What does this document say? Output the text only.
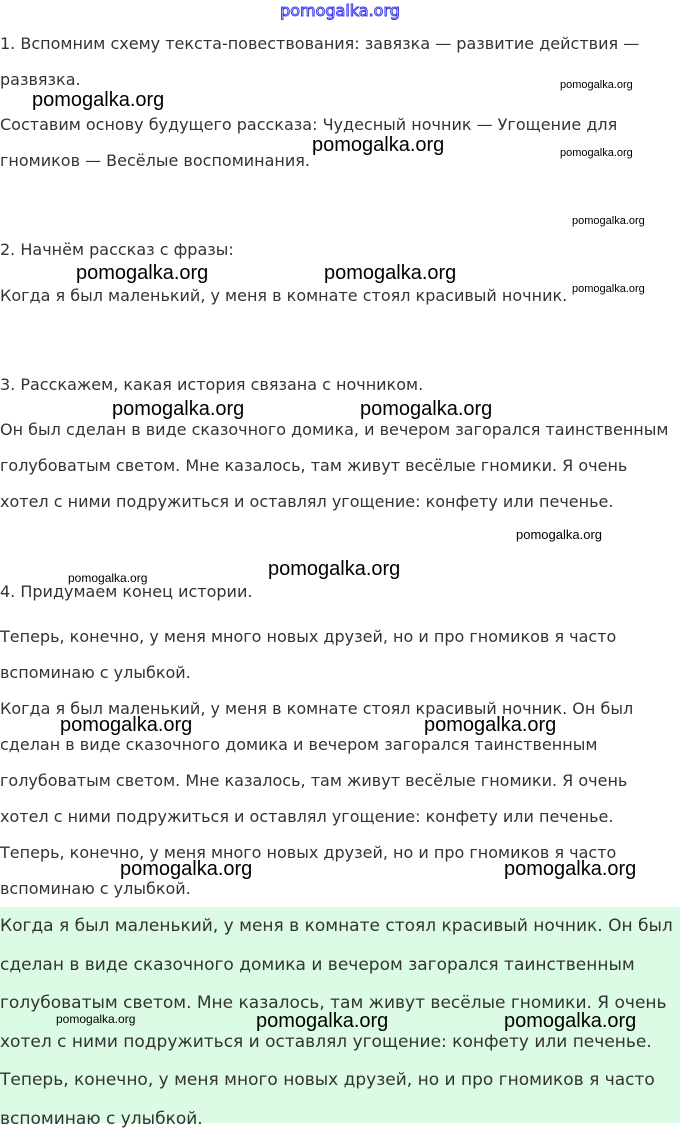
pomogalka.org

1. Вспомним схему текста-повествования: завязка — развитие действия — развязка.

Составим основу будущего рассказа: Чудесный ночник — Угощение для гномиков — Весёлые воспоминания.

2. Начнём рассказ с фразы:

Когда я был маленький, у меня в комнате стоял красивый ночник.

3. Расскажем, какая история связана с ночником.

Он был сделан в виде сказочного домика, и вечером загорался таинственным голубоватым светом. Мне казалось, там живут весёлые гномики. Я очень хотел с ними подружиться и оставлял угощение: конфету или печенье.

4. Придумаем конец истории.

Теперь, конечно, у меня много новых друзей, но и про гномиков я часто вспоминаю с улыбкой.

Когда я был маленький, у меня в комнате стоял красивый ночник. Он был сделан в виде сказочного домика и вечером загорался таинственным голубоватым светом. Мне казалось, там живут весёлые гномики. Я очень хотел с ними подружиться и оставлял угощение: конфету или печенье. Теперь, конечно, у меня много новых друзей, но и про гномиков я часто вспоминаю с улыбкой.

Когда я был маленький, у меня в комнате стоял красивый ночник. Он был сделан в виде сказочного домика и вечером загорался таинственным голубоватым светом. Мне казалось, там живут весёлые гномики. Я очень хотел с ними подружиться и оставлял угощение: конфету или печенье. Теперь, конечно, у меня много новых друзей, но и про гномиков я часто вспоминаю с улыбкой.

pomogalka.org
pomogalka.org
pomogalka.org	pomogalka.org
pomogalka.org
pomogalka.org	pomogalka.org
pomogalka.org
pomogalka.org	pomogalka.org
pomogalka.org
pomogalka.org
pomogalka.org
pomogalka.org	pomogalka.org
pomogalka.org	pomogalka.org
pomogalka.org	pomogalka.org	pomogalka.org
